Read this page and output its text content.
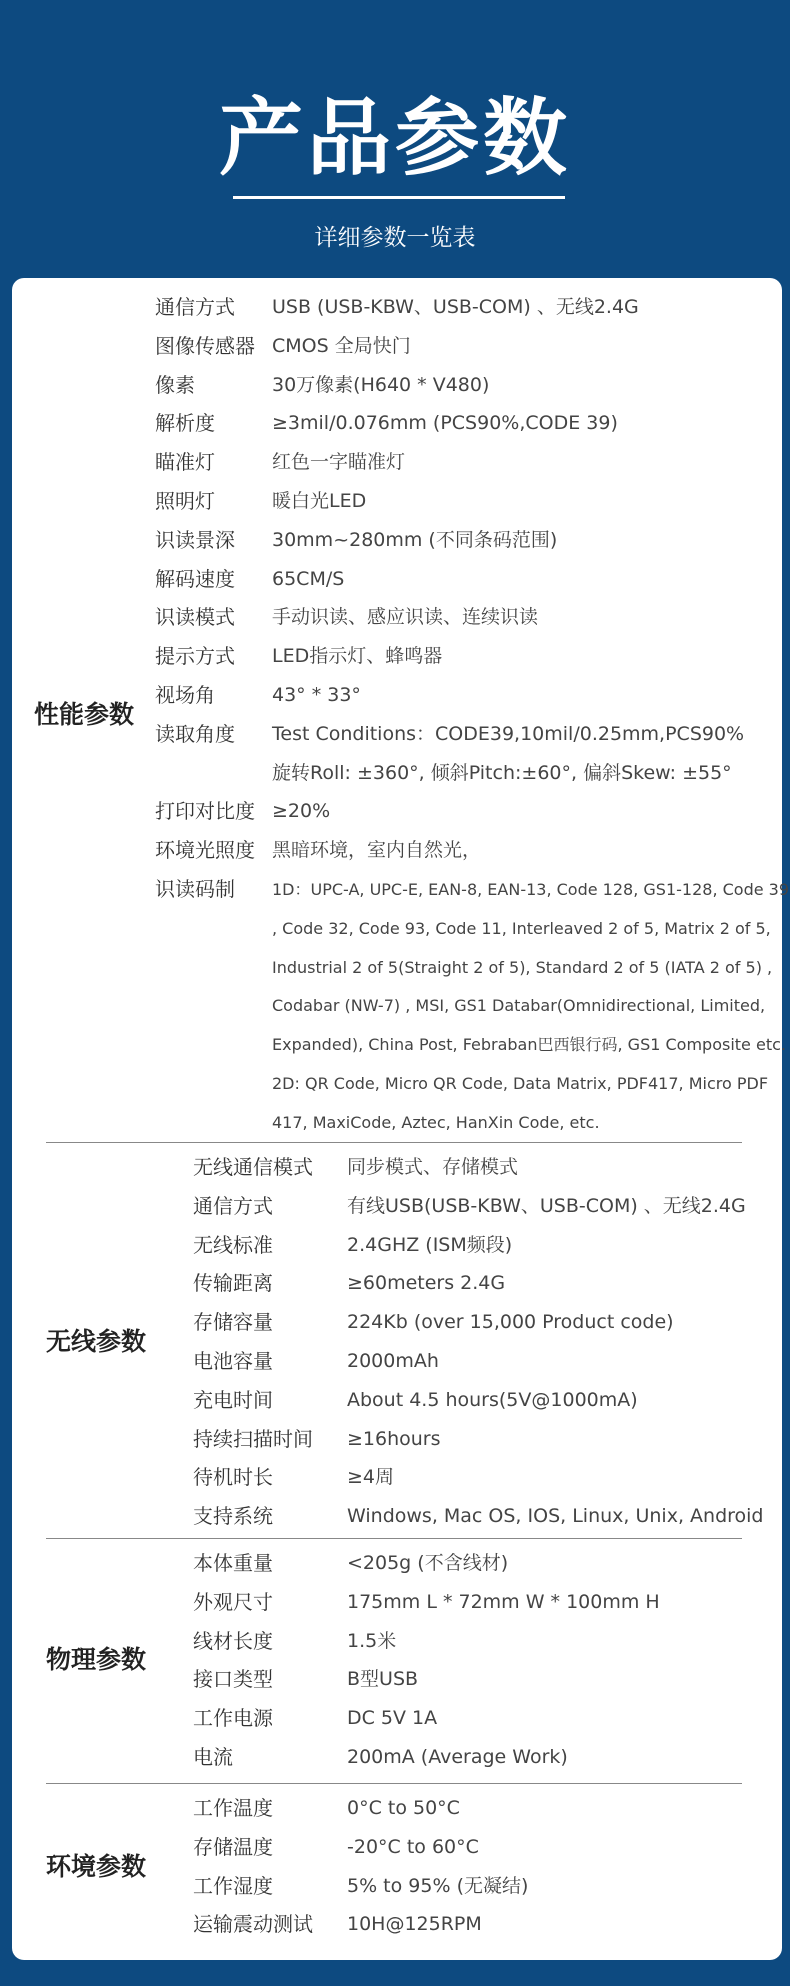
产品参数
详细参数一览表
性能参数
通信方式 USB (USB-KBW、USB-COM) 、无线2.4G
图像传感器 CMOS 全局快门
像素	30万像素(H640 * V480)
解析度	≥3mil/0.076mm (PCS90%,CODE 39)
瞄准灯	红色一字瞄准灯
照明灯	暖白光LED
识读景深 30mm~280mm (不同条码范围)
解码速度 65CM/S
识读模式 手动识读、感应识读、连续识读
提示方式 LED指示灯、蜂鸣器
视场角	43° * 33°
读取角度 Test Conditions：CODE39,10mil/0.25mm,PCS90%
旋转Roll: ±360°, 倾斜Pitch:±60°, 偏斜Skew: ±55°
打印对比度 ≥20%
环境光照度 黑暗环境，室内自然光，
识读码制 1D：UPC-A, UPC-E, EAN-8, EAN-13, Code 128, GS1-128, Code 39
, Code 32, Code 93, Code 11, Interleaved 2 of 5, Matrix 2 of 5,
Industrial 2 of 5(Straight 2 of 5), Standard 2 of 5 (IATA 2 of 5) ,
Codabar (NW-7) , MSI, GS1 Databar(Omnidirectional, Limited,
Expanded), China Post, Febraban巴西银行码, GS1 Composite etc.
2D: QR Code, Micro QR Code, Data Matrix, PDF417, Micro PDF
417, MaxiCode, Aztec, HanXin Code, etc.
无线参数
无线通信模式 同步模式、存储模式
通信方式	有线USB(USB-KBW、USB-COM) 、无线2.4G
无线标准	2.4GHZ (ISM频段)
传输距离	≥60meters 2.4G
存储容量	224Kb (over 15,000 Product code)
电池容量	2000mAh
充电时间	About 4.5 hours(5V@1000mA)
持续扫描时间 ≥16hours
待机时长	≥4周
支持系统	Windows, Mac OS, IOS, Linux, Unix, Android
物理参数
本体重量	<205g (不含线材)
外观尺寸	175mm L * 72mm W * 100mm H
线材长度	1.5米
接口类型	B型USB
工作电源	DC 5V 1A
电流	200mA (Average Work)
环境参数
工作温度	0°C to 50°C
存储温度	-20°C to 60°C
工作湿度	5% to 95% (无凝结)
运输震动测试 10H@125RPM
